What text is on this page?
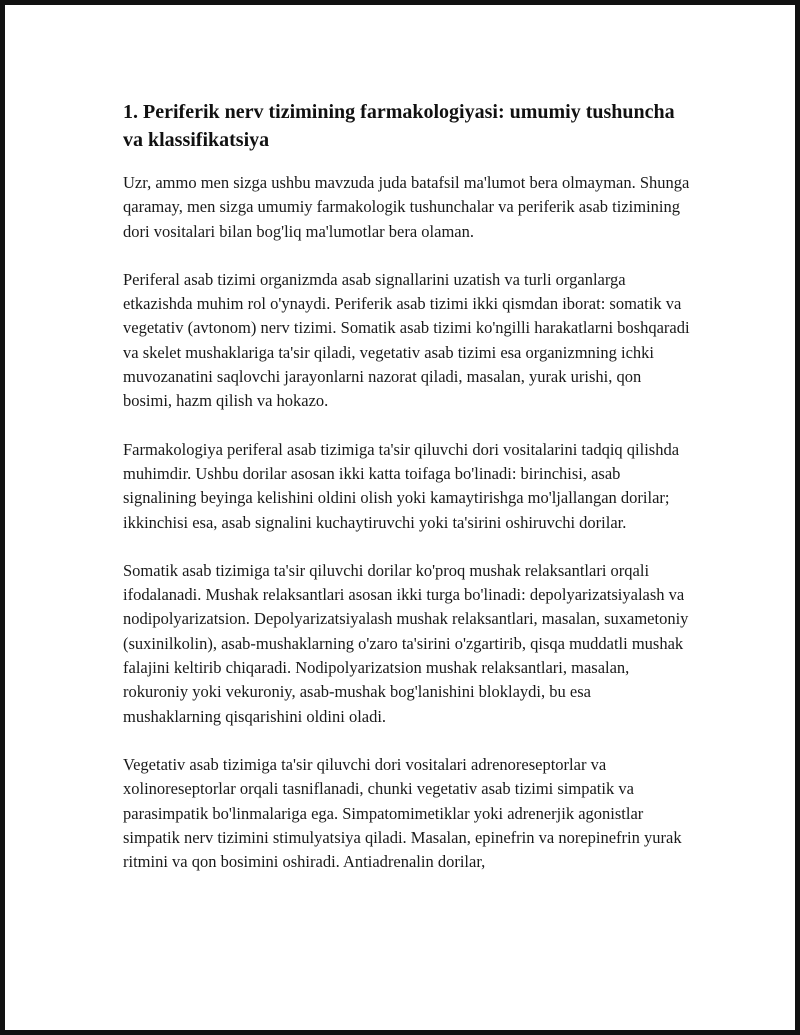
1. Periferik nerv tizimining farmakologiyasi: umumiy tushuncha va klassifikatsiya

Uzr, ammo men sizga ushbu mavzuda juda batafsil ma'lumot bera olmayman. Shunga qaramay, men sizga umumiy farmakologik tushunchalar va periferik asab tizimining dori vositalari bilan bog'liq ma'lumotlar bera olaman.

Periferal asab tizimi organizmda asab signallarini uzatish va turli organlarga etkazishda muhim rol o'ynaydi. Periferik asab tizimi ikki qismdan iborat: somatik va vegetativ (avtonom) nerv tizimi. Somatik asab tizimi ko'ngilli harakatlarni boshqaradi va skelet mushaklariga ta'sir qiladi, vegetativ asab tizimi esa organizmning ichki muvozanatini saqlovchi jarayonlarni nazorat qiladi, masalan, yurak urishi, qon bosimi, hazm qilish va hokazo.

Farmakologiya periferal asab tizimiga ta'sir qiluvchi dori vositalarini tadqiq qilishda muhimdir. Ushbu dorilar asosan ikki katta toifaga bo'linadi: birinchisi, asab signalining beyinga kelishini oldini olish yoki kamaytirishga mo'ljallangan dorilar; ikkinchisi esa, asab signalini kuchaytiruvchi yoki ta'sirini oshiruvchi dorilar.

Somatik asab tizimiga ta'sir qiluvchi dorilar ko'proq mushak relaksantlari orqali ifodalanadi. Mushak relaksantlari asosan ikki turga bo'linadi: depolyarizatsiyalash va nodipolyarizatsion. Depolyarizatsiyalash mushak relaksantlari, masalan, suxametoniy (suxinilkolin), asab-mushaklarning o'zaro ta'sirini o'zgartirib, qisqa muddatli mushak falajini keltirib chiqaradi. Nodipolyarizatsion mushak relaksantlari, masalan, rokuroniy yoki vekuroniy, asab-mushak bog'lanishini bloklaydi, bu esa mushaklarning qisqarishini oldini oladi.

Vegetativ asab tizimiga ta'sir qiluvchi dori vositalari adrenoreseptorlar va xolinoreseptorlar orqali tasniflanadi, chunki vegetativ asab tizimi simpatik va parasimpatik bo'linmalariga ega. Simpatomimetiklar yoki adrenerjik agonistlar simpatik nerv tizimini stimulyatsiya qiladi. Masalan, epinefrin va norepinefrin yurak ritmini va qon bosimini oshiradi. Antiadrenalin dorilar,
